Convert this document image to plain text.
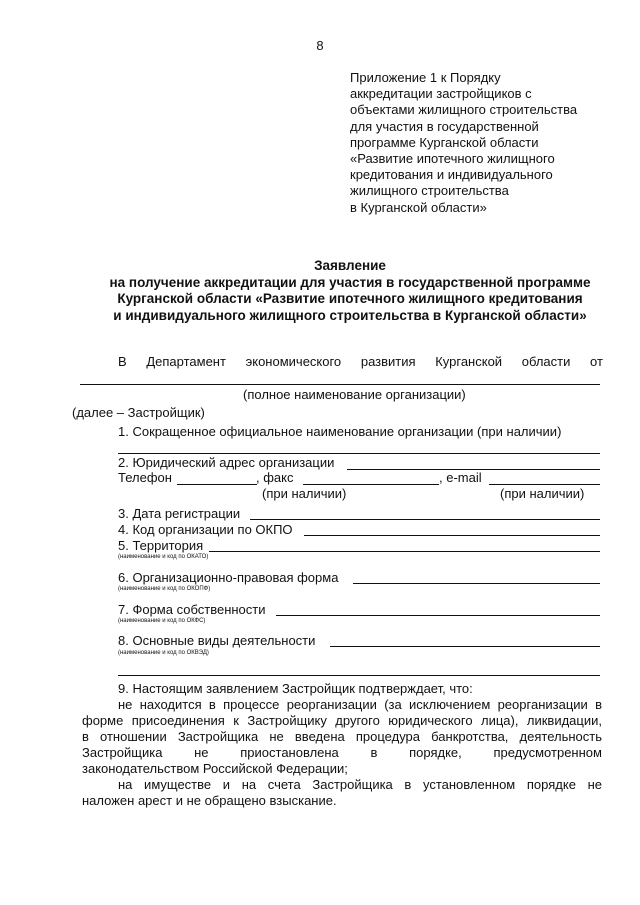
8
Приложение 1 к Порядку
аккредитации застройщиков с
объектами жилищного строительства
для участия в государственной
программе Курганской области
«Развитие ипотечного жилищного
кредитования и индивидуального
жилищного строительства
в Курганской области»
Заявление
на получение аккредитации для участия в государственной программе
Курганской области «Развитие ипотечного жилищного кредитования
и индивидуального жилищного строительства в Курганской области»
В Департамент экономического развития Курганской области от
(полное наименование организации)
(далее – Застройщик)
1. Сокращенное официальное наименование организации (при наличии)
2. Юридический адрес организации
Телефон	, факс	, e-mail
(при наличии)	(при наличии)
3. Дата регистрации
4. Код организации по ОКПО
5. Территория
(наименование и код по ОКАТО)
6. Организационно-правовая форма
(наименование и код по ОКОПФ)
7. Форма собственности
(наименование и код по ОКФС)
8. Основные виды деятельности
(наименование и код по ОКВЭД)
9. Настоящим заявлением Застройщик подтверждает, что:
не находится в процессе реорганизации (за исключением реорганизации в
форме присоединения к Застройщику другого юридического лица), ликвидации,
в отношении Застройщика не введена процедура банкротства, деятельность
Застройщика не приостановлена в порядке, предусмотренном
законодательством Российской Федерации;
на имуществе и на счета Застройщика в установленном порядке не
наложен арест и не обращено взыскание.
